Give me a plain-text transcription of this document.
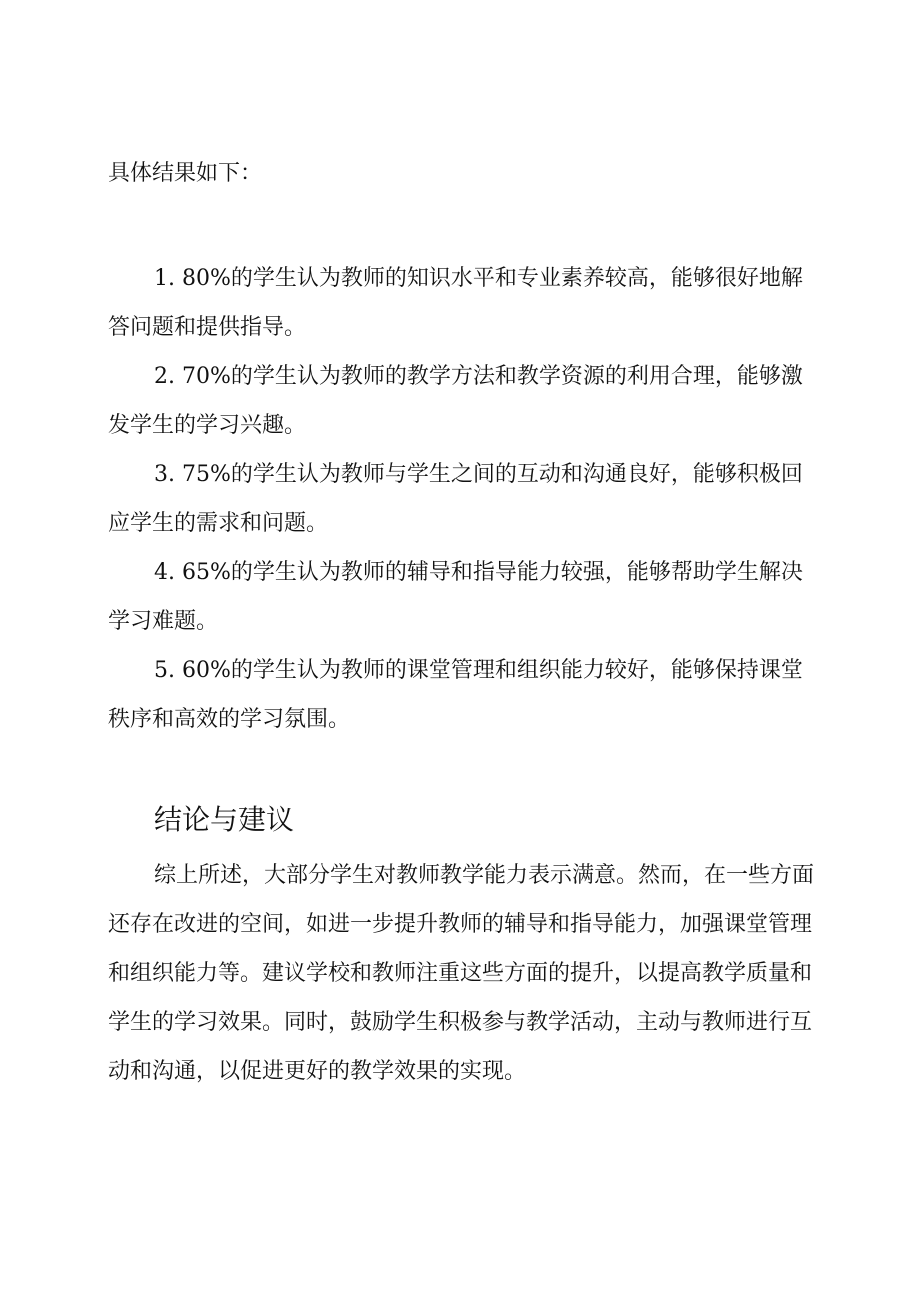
具体结果如下：

1. 80%的学生认为教师的知识水平和专业素养较高，能够很好地解答问题和提供指导。
2. 70%的学生认为教师的教学方法和教学资源的利用合理，能够激发学生的学习兴趣。
3. 75%的学生认为教师与学生之间的互动和沟通良好，能够积极回应学生的需求和问题。
4. 65%的学生认为教师的辅导和指导能力较强，能够帮助学生解决学习难题。
5. 60%的学生认为教师的课堂管理和组织能力较好，能够保持课堂秩序和高效的学习氛围。
结论与建议

综上所述，大部分学生对教师教学能力表示满意。然而，在一些方面还存在改进的空间，如进一步提升教师的辅导和指导能力，加强课堂管理和组织能力等。建议学校和教师注重这些方面的提升，以提高教学质量和学生的学习效果。同时，鼓励学生积极参与教学活动，主动与教师进行互动和沟通，以促进更好的教学效果的实现。
